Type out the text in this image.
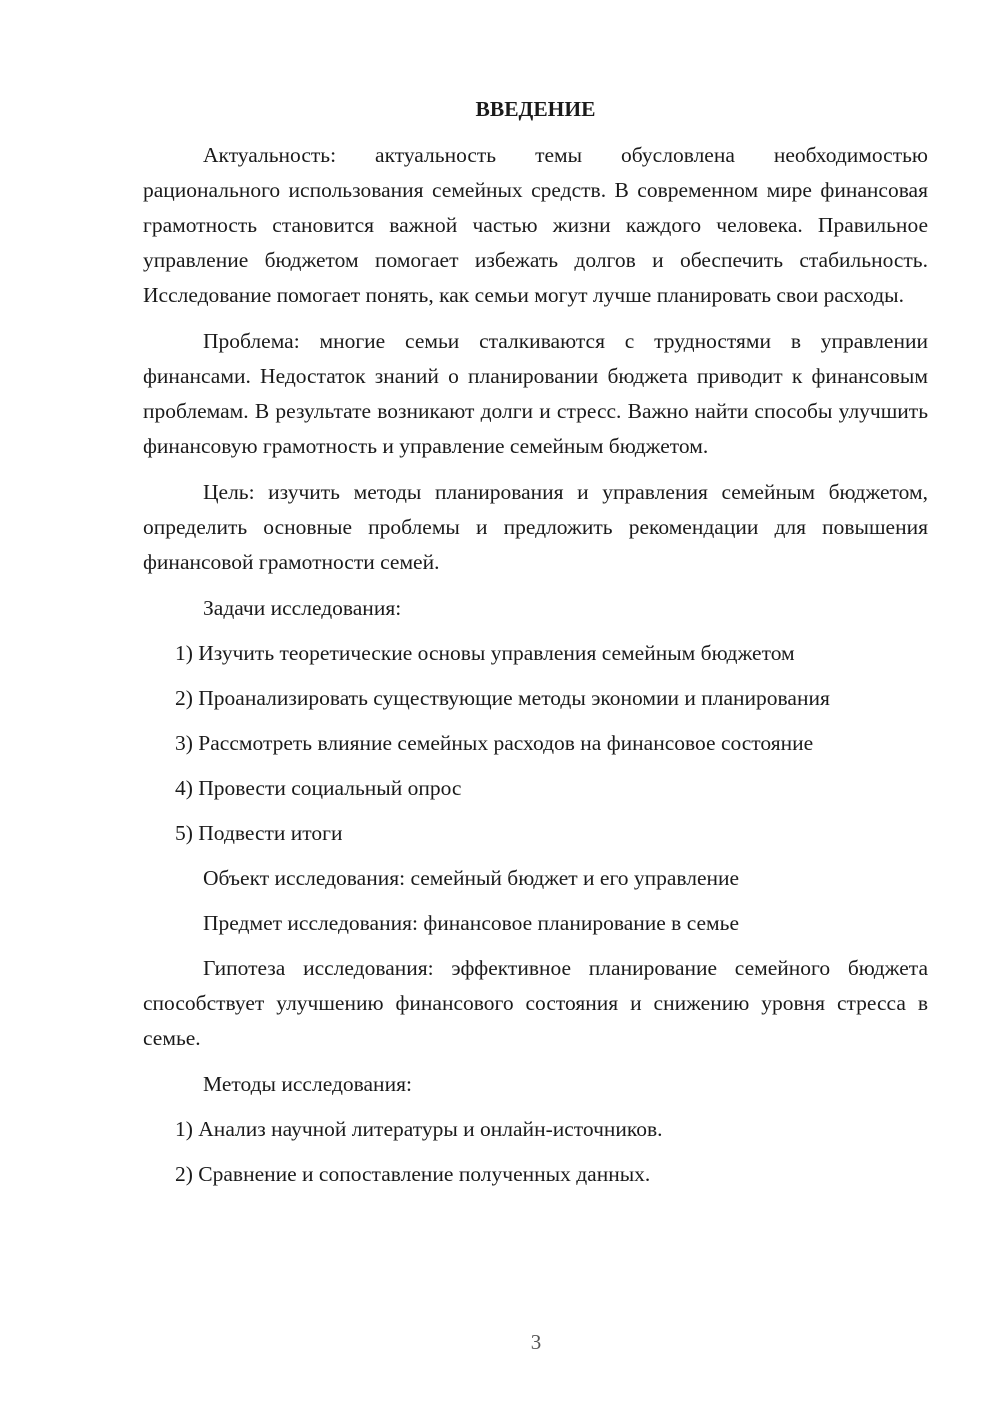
ВВЕДЕНИЕ

Актуальность: актуальность темы обусловлена необходимостью рационального использования семейных средств. В современном мире финансовая грамотность становится важной частью жизни каждого человека. Правильное управление бюджетом помогает избежать долгов и обеспечить стабильность. Исследование помогает понять, как семьи могут лучше планировать свои расходы.

Проблема: многие семьи сталкиваются с трудностями в управлении финансами. Недостаток знаний о планировании бюджета приводит к финансовым проблемам. В результате возникают долги и стресс. Важно найти способы улучшить финансовую грамотность и управление семейным бюджетом.

Цель: изучить методы планирования и управления семейным бюджетом, определить основные проблемы и предложить рекомендации для повышения финансовой грамотности семей.

Задачи исследования:

1) Изучить теоретические основы управления семейным бюджетом

2) Проанализировать существующие методы экономии и планирования

3) Рассмотреть влияние семейных расходов на финансовое состояние

4) Провести социальный опрос

5) Подвести итоги

Объект исследования: семейный бюджет и его управление

Предмет исследования: финансовое планирование в семье

Гипотеза исследования: эффективное планирование семейного бюджета способствует улучшению финансового состояния и снижению уровня стресса в семье.

Методы исследования:

1) Анализ научной литературы и онлайн-источников.

2) Сравнение и сопоставление полученных данных.

3
